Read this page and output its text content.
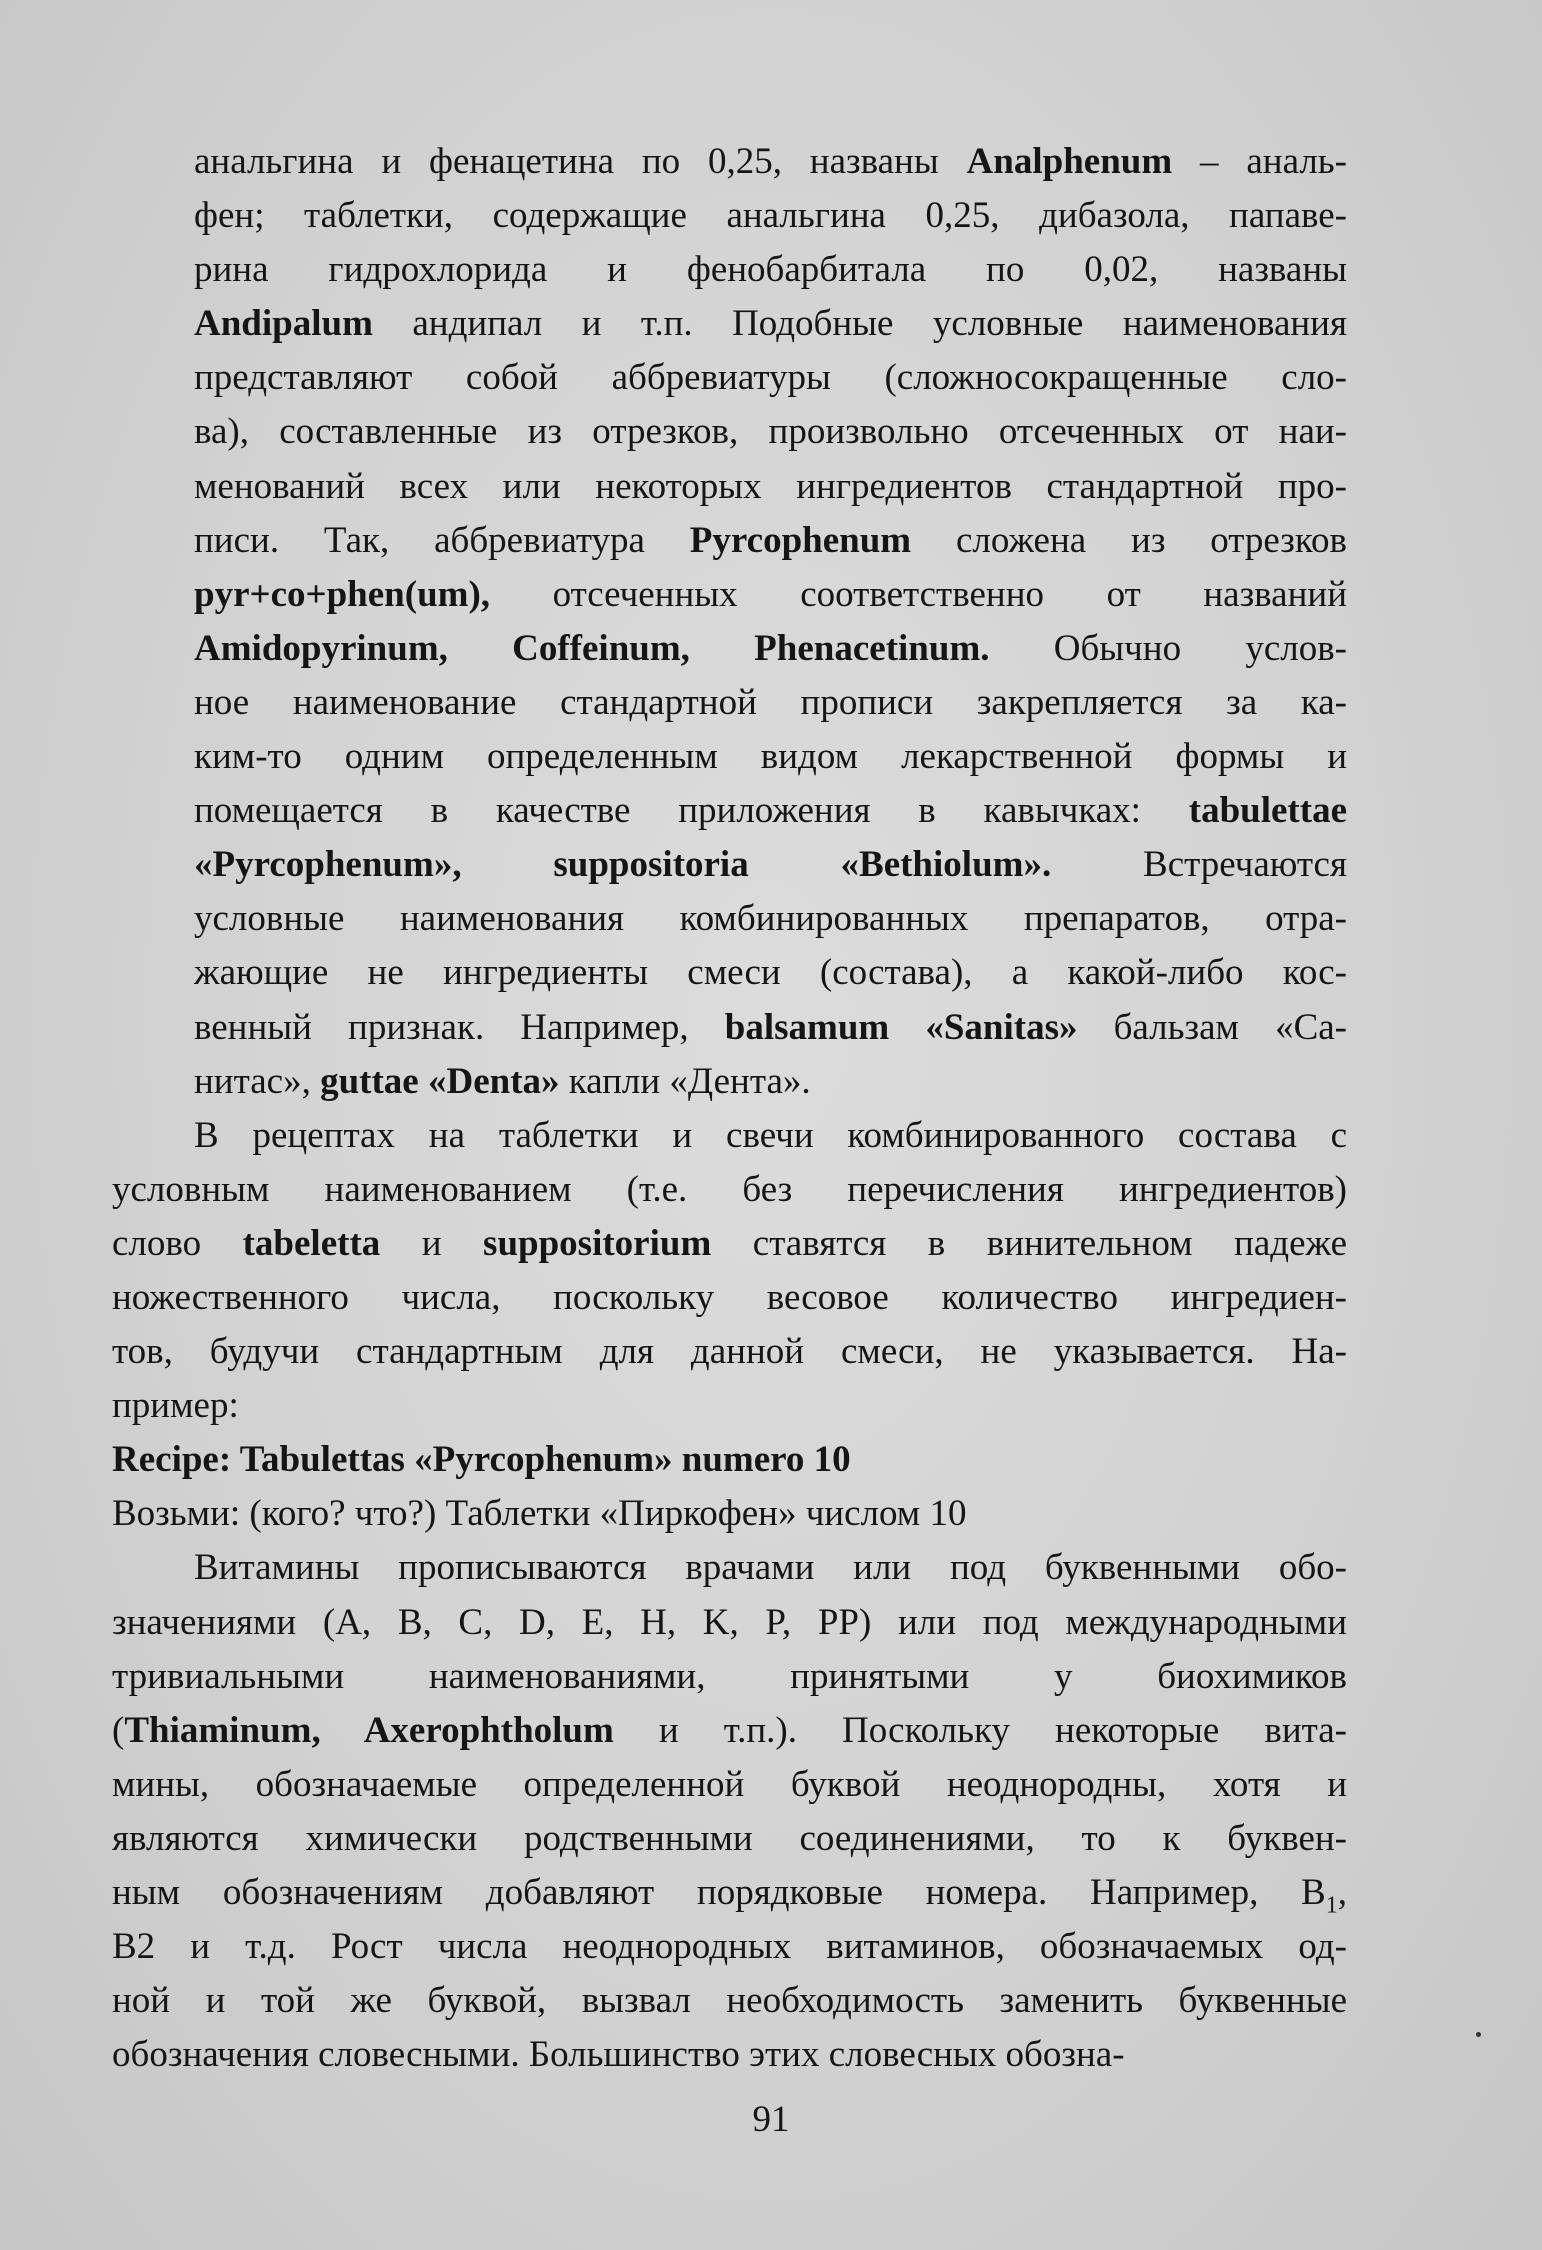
анальгина и фенацетина по 0,25, названы Analphenum – аналь-
фен; таблетки, содержащие анальгина 0,25, дибазола, папаве-
рина гидрохлорида и фенобарбитала по 0,02, названы
Andipalum андипал и т.п. Подобные условные наименования
представляют собой аббревиатуры (сложносокращенные сло-
ва), составленные из отрезков, произвольно отсеченных от наи-
менований всех или некоторых ингредиентов стандартной про-
писи. Так, аббревиатура Pyrcophenum сложена из отрезков
pyr+co+phen(um), отсеченных соответственно от названий
Amidopyrinum, Coffeinum, Phenacetinum. Обычно услов-
ное наименование стандартной прописи закрепляется за ка-
ким-то одним определенным видом лекарственной формы и
помещается в качестве приложения в кавычках: tabulettae
«Pyrcophenum», suppositoria «Bethiolum». Встречаются
условные наименования комбинированных препаратов, отра-
жающие не ингредиенты смеси (состава), а какой-либо кос-
венный признак. Например, balsamum «Sanitas» бальзам «Са-
нитас», guttae «Denta» капли «Дента».
В рецептах на таблетки и свечи комбинированного состава с
условным наименованием (т.е. без перечисления ингредиентов)
слово tabeletta и suppositorium ставятся в винительном падеже
ножественного числа, поскольку весовое количество ингредиен-
тов, будучи стандартным для данной смеси, не указывается. На-
пример:
Recipe: Tabulettas «Pyrcophenum» numero 10
Возьми: (кого? что?) Таблетки «Пиркофен» числом 10
Витамины прописываются врачами или под буквенными обо-
значениями (A, B, C, D, E, H, K, P, PP) или под международными
тривиальными наименованиями, принятыми у биохимиков
(Thiaminum, Axerophtholum и т.п.). Поскольку некоторые вита-
мины, обозначаемые определенной буквой неоднородны, хотя и
являются химически родственными соединениями, то к буквен-
ным обозначениям добавляют порядковые номера. Например, $B_1$,
B2 и т.д. Рост числа неоднородных витаминов, обозначаемых од-
ной и той же буквой, вызвал необходимость заменить буквенные
обозначения словесными. Большинство этих словесных обозна-
91
